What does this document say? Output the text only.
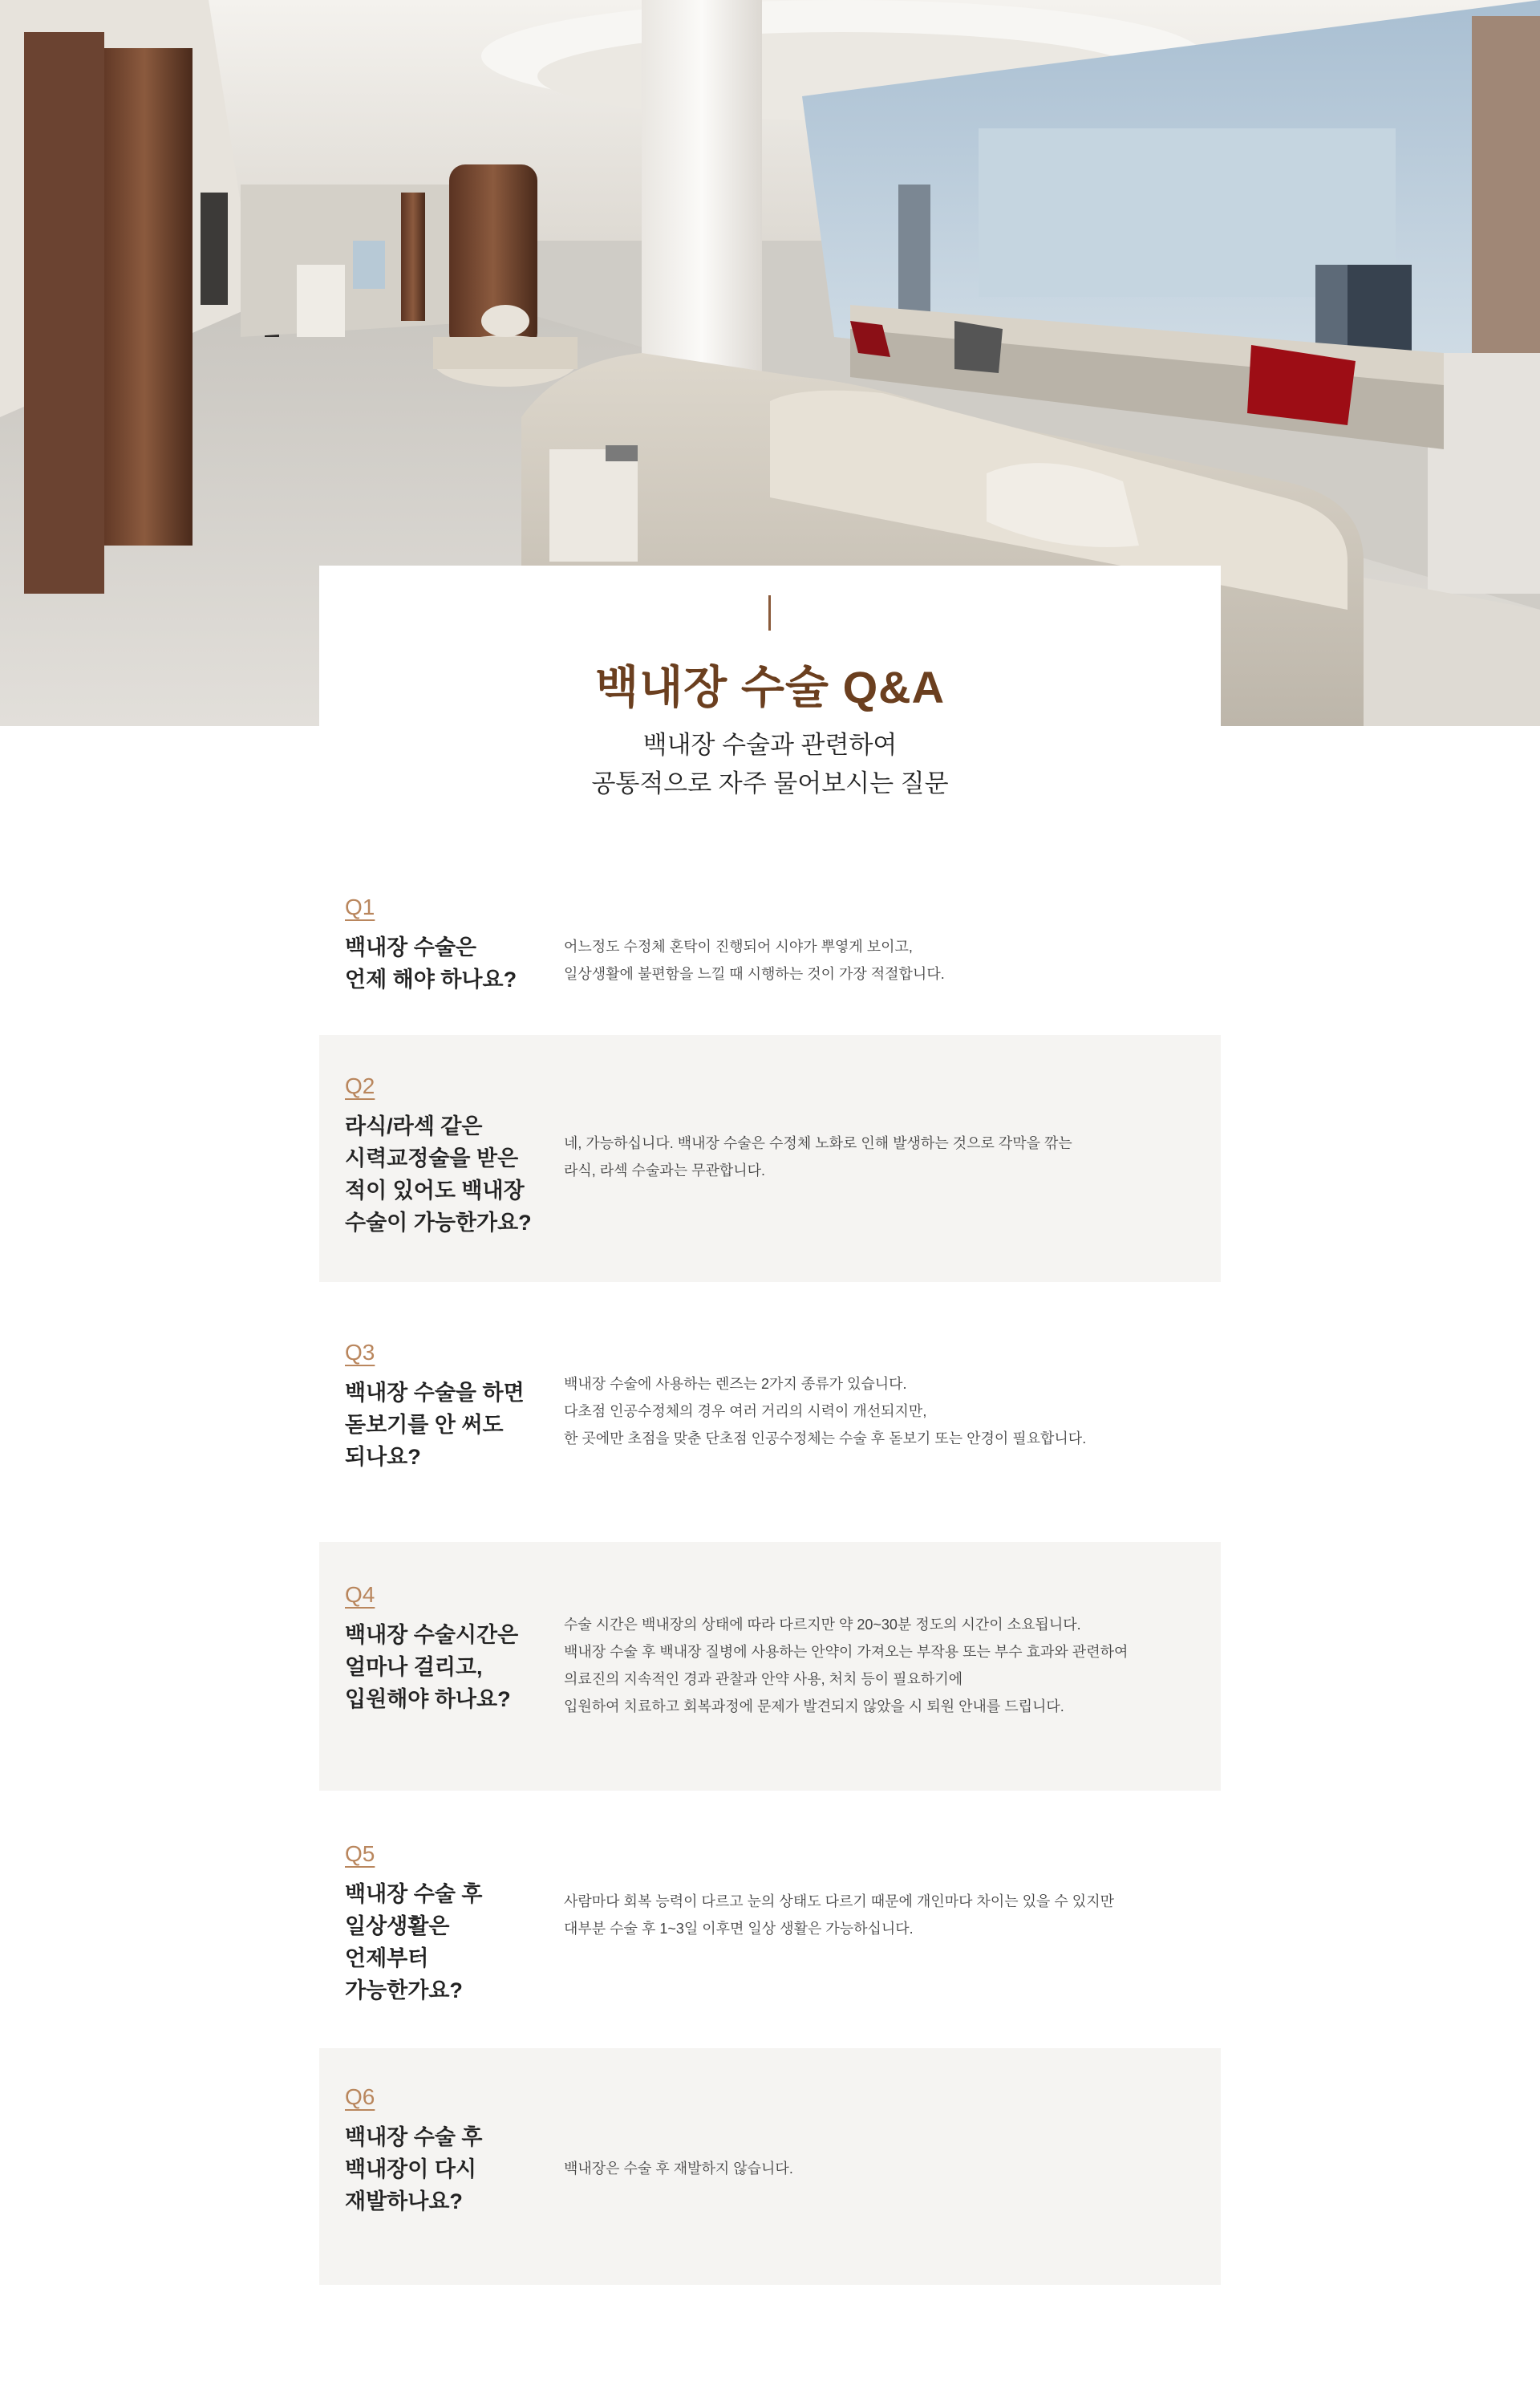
백내장 수술 Q&A
백내장 수술과 관련하여
공통적으로 자주 물어보시는 질문
Q1
백내장 수술은
언제 해야 하나요?
어느정도 수정체 혼탁이 진행되어 시야가 뿌옇게 보이고,
일상생활에 불편함을 느낄 때 시행하는 것이 가장 적절합니다.
Q2
라식/라섹 같은
시력교정술을 받은
적이 있어도 백내장
수술이 가능한가요?
네, 가능하십니다. 백내장 수술은 수정체 노화로 인해 발생하는 것으로 각막을 깎는
라식, 라섹 수술과는 무관합니다.
Q3
백내장 수술을 하면
돋보기를 안 써도
되나요?
백내장 수술에 사용하는 렌즈는 2가지 종류가 있습니다.
다초점 인공수정체의 경우 여러 거리의 시력이 개선되지만,
한 곳에만 초점을 맞춘 단초점 인공수정체는 수술 후 돋보기 또는 안경이 필요합니다.
Q4
백내장 수술시간은
얼마나 걸리고,
입원해야 하나요?
수술 시간은 백내장의 상태에 따라 다르지만 약 20~30분 정도의 시간이 소요됩니다.
백내장 수술 후 백내장 질병에 사용하는 안약이 가져오는 부작용 또는 부수 효과와 관련하여
의료진의 지속적인 경과 관찰과 안약 사용, 처치 등이 필요하기에
입원하여 치료하고 회복과정에 문제가 발견되지 않았을 시 퇴원 안내를 드립니다.
Q5
백내장 수술 후
일상생활은
언제부터
가능한가요?
사람마다 회복 능력이 다르고 눈의 상태도 다르기 때문에 개인마다 차이는 있을 수 있지만
대부분 수술 후 1~3일 이후면 일상 생활은 가능하십니다.
Q6
백내장 수술 후
백내장이 다시
재발하나요?
백내장은 수술 후 재발하지 않습니다.
